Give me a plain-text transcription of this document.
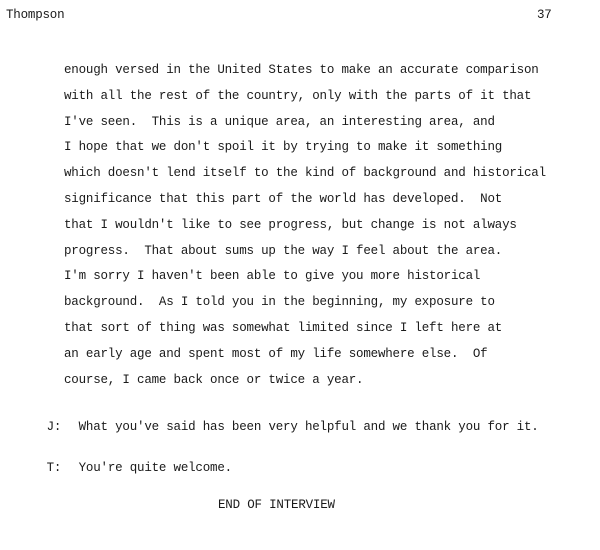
Thompson	37
enough versed in the United States to make an accurate comparison
with all the rest of the country, only with the parts of it that
I've seen.  This is a unique area, an interesting area, and
I hope that we don't spoil it by trying to make it something
which doesn't lend itself to the kind of background and historical
significance that this part of the world has developed.  Not
that I wouldn't like to see progress, but change is not always
progress.  That about sums up the way I feel about the area.
I'm sorry I haven't been able to give you more historical
background.  As I told you in the beginning, my exposure to
that sort of thing was somewhat limited since I left here at
an early age and spent most of my life somewhere else.  Of
course, I came back once or twice a year.

J: What you've said has been very helpful and we thank you for it.

T: You're quite welcome.

END OF INTERVIEW
